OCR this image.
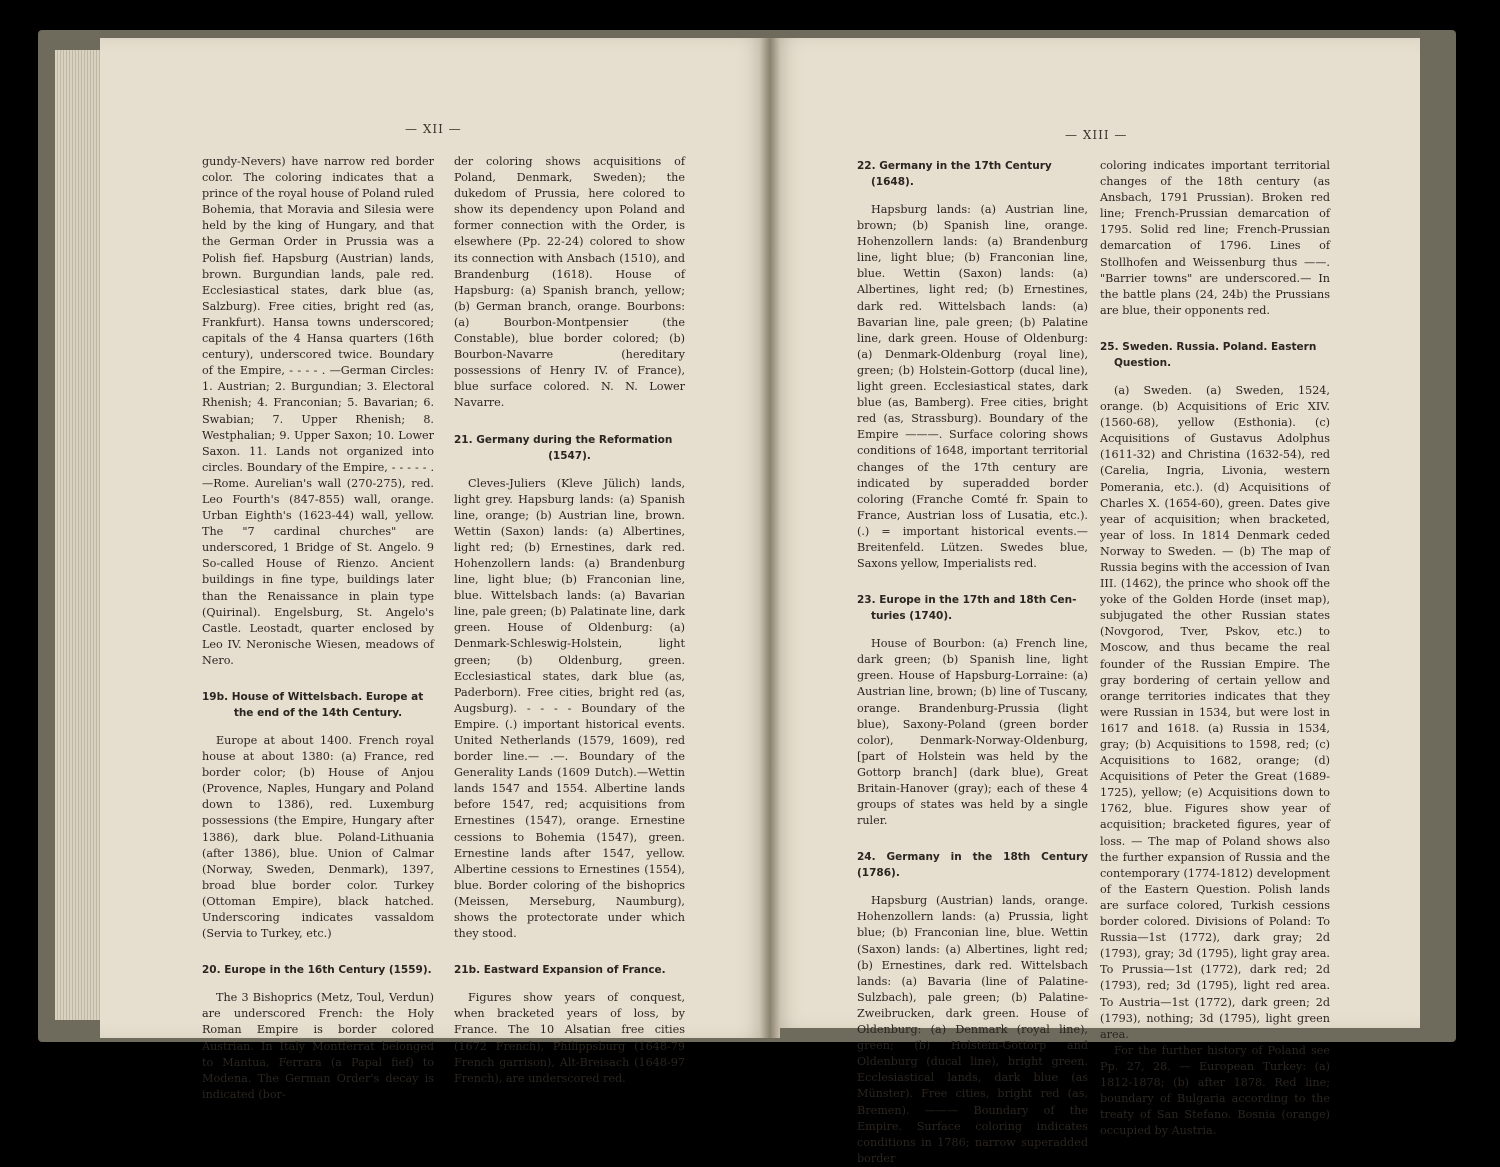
— XII —	— XIII —

gundy-Nevers) have narrow red border color. The coloring indicates that a prince of the royal house of Poland ruled Bohemia, that Moravia and Silesia were held by the king of Hungary, and that the German Order in Prussia was a Polish fief. Hapsburg (Austrian) lands, brown. Burgundian lands, pale red. Ecclesiastical states, dark blue (as, Salzburg). Free cities, bright red (as, Frankfurt). Hansa towns underscored; capitals of the 4 Hansa quarters (16th century), underscored twice. Boundary of the Empire, - - - - . —German Circles: 1. Austrian; 2. Burgundian; 3. Electoral Rhenish; 4. Franconian; 5. Bavarian; 6. Swabian; 7. Upper Rhenish; 8. Westphalian; 9. Upper Saxon; 10. Lower Saxon. 11. Lands not organized into circles. Boundary of the Empire, - - - - - . —Rome. Aurelian's wall (270-275), red. Leo Fourth's (847-855) wall, orange. Urban Eighth's (1623-44) wall, yellow. The "7 cardinal churches" are underscored, 1 Bridge of St. Angelo. 9 So-called House of Rienzo. Ancient buildings in fine type, buildings later than the Renaissance in plain type (Quirinal). Engelsburg, St. Angelo's Castle. Leostadt, quarter enclosed by Leo IV. Neronische Wiesen, meadows of Nero.

19b. House of Wittelsbach. Europe at
the end of the 14th Century.

Europe at about 1400. French royal house at about 1380: (a) France, red border color; (b) House of Anjou (Provence, Naples, Hungary and Poland down to 1386), red. Luxemburg possessions (the Empire, Hungary after 1386), dark blue. Poland-Lithuania (after 1386), blue. Union of Calmar (Norway, Sweden, Denmark), 1397, broad blue border color. Turkey (Ottoman Empire), black hatched. Underscoring indicates vassaldom (Servia to Turkey, etc.)

20. Europe in the 16th Century (1559).

The 3 Bishoprics (Metz, Toul, Verdun) are underscored French: the Holy Roman Empire is border colored Austrian. In Italy Montferrat belonged to Mantua, Ferrara (a Papal fief) to Modena. The German Order's decay is indicated (bor-

der coloring shows acquisitions of Poland, Denmark, Sweden); the dukedom of Prussia, here colored to show its dependency upon Poland and former connection with the Order, is elsewhere (Pp. 22-24) colored to show its connection with Ansbach (1510), and Brandenburg (1618). House of Hapsburg: (a) Spanish branch, yellow; (b) German branch, orange. Bourbons: (a) Bourbon-Montpensier (the Constable), blue border colored; (b) Bourbon-Navarre (hereditary possessions of Henry IV. of France), blue surface colored. N. N. Lower Navarre.

21. Germany during the Reformation
(1547).

Cleves-Juliers (Kleve Jülich) lands, light grey. Hapsburg lands: (a) Spanish line, orange; (b) Austrian line, brown. Wettin (Saxon) lands: (a) Albertines, light red; (b) Ernestines, dark red. Hohenzollern lands: (a) Brandenburg line, light blue; (b) Franconian line, blue. Wittelsbach lands: (a) Bavarian line, pale green; (b) Palatinate line, dark green. House of Oldenburg: (a) Denmark-Schleswig-Holstein, light green; (b) Oldenburg, green. Ecclesiastical states, dark blue (as, Paderborn). Free cities, bright red (as, Augsburg). - - - - Boundary of the Empire. (.) important historical events. United Netherlands (1579, 1609), red border line.— .—. Boundary of the Generality Lands (1609 Dutch).—Wettin lands 1547 and 1554. Albertine lands before 1547, red; acquisitions from Ernestines (1547), orange. Ernestine cessions to Bohemia (1547), green. Ernestine lands after 1547, yellow. Albertine cessions to Ernestines (1554), blue. Border coloring of the bishoprics (Meissen, Merseburg, Naumburg), shows the protectorate under which they stood.

21b. Eastward Expansion of France.

Figures show years of conquest, when bracketed years of loss, by France. The 10 Alsatian free cities (1672 French), Philippsburg (1648-79 French garrison), Alt-Breisach (1648-97 French), are underscored red.

22. Germany in the 17th Century
(1648).

Hapsburg lands: (a) Austrian line, brown; (b) Spanish line, orange. Hohenzollern lands: (a) Brandenburg line, light blue; (b) Franconian line, blue. Wettin (Saxon) lands: (a) Albertines, light red; (b) Ernestines, dark red. Wittelsbach lands: (a) Bavarian line, pale green; (b) Palatine line, dark green. House of Oldenburg: (a) Denmark-Oldenburg (royal line), green; (b) Holstein-Gottorp (ducal line), light green. Ecclesiastical states, dark blue (as, Bamberg). Free cities, bright red (as, Strassburg). Boundary of the Empire ———. Surface coloring shows conditions of 1648, important territorial changes of the 17th century are indicated by superadded border coloring (Franche Comté fr. Spain to France, Austrian loss of Lusatia, etc.). (.) = important historical events.—Breitenfeld. Lützen. Swedes blue, Saxons yellow, Imperialists red.

23. Europe in the 17th and 18th Cen-
turies (1740).

House of Bourbon: (a) French line, dark green; (b) Spanish line, light green. House of Hapsburg-Lorraine: (a) Austrian line, brown; (b) line of Tuscany, orange. Brandenburg-Prussia (light blue), Saxony-Poland (green border color), Denmark-Norway-Oldenburg, [part of Holstein was held by the Gottorp branch] (dark blue), Great Britain-Hanover (gray); each of these 4 groups of states was held by a single ruler.

24. Germany in the 18th Century (1786).

Hapsburg (Austrian) lands, orange. Hohenzollern lands: (a) Prussia, light blue; (b) Franconian line, blue. Wettin (Saxon) lands: (a) Albertines, light red; (b) Ernestines, dark red. Wittelsbach lands: (a) Bavaria (line of Palatine-Sulzbach), pale green; (b) Palatine-Zweibrucken, dark green. House of Oldenburg: (a) Denmark (royal line), green; (b) Holstein-Gottorp and Oldenburg (ducal line), bright green. Ecclesiastical lands, dark blue (as Münster). Free cities, bright red (as, Bremen). ——— Boundary of the Empire. Surface coloring indicates conditions in 1786; narrow superadded border

coloring indicates important territorial changes of the 18th century (as Ansbach, 1791 Prussian). Broken red line; French-Prussian demarcation of 1795. Solid red line; French-Prussian demarcation of 1796. Lines of Stollhofen and Weissenburg thus ——. "Barrier towns" are underscored.— In the battle plans (24, 24b) the Prussians are blue, their opponents red.

25. Sweden. Russia. Poland. Eastern
Question.

(a) Sweden. (a) Sweden, 1524, orange. (b) Acquisitions of Eric XIV. (1560-68), yellow (Esthonia). (c) Acquisitions of Gustavus Adolphus (1611-32) and Christina (1632-54), red (Carelia, Ingria, Livonia, western Pomerania, etc.). (d) Acquisitions of Charles X. (1654-60), green. Dates give year of acquisition; when bracketed, year of loss. In 1814 Denmark ceded Norway to Sweden. — (b) The map of Russia begins with the accession of Ivan III. (1462), the prince who shook off the yoke of the Golden Horde (inset map), subjugated the other Russian states (Novgorod, Tver, Pskov, etc.) to Moscow, and thus became the real founder of the Russian Empire. The gray bordering of certain yellow and orange territories indicates that they were Russian in 1534, but were lost in 1617 and 1618. (a) Russia in 1534, gray; (b) Acquisitions to 1598, red; (c) Acquisitions to 1682, orange; (d) Acquisitions of Peter the Great (1689-1725), yellow; (e) Acquisitions down to 1762, blue. Figures show year of acquisition; bracketed figures, year of loss. — The map of Poland shows also the further expansion of Russia and the contemporary (1774-1812) development of the Eastern Question. Polish lands are surface colored, Turkish cessions border colored. Divisions of Poland: To Russia—1st (1772), dark gray; 2d (1793), gray; 3d (1795), light gray area. To Prussia—1st (1772), dark red; 2d (1793), red; 3d (1795), light red area. To Austria—1st (1772), dark green; 2d (1793), nothing; 3d (1795), light green area.

For the further history of Poland see Pp. 27, 28. — European Turkey: (a) 1812-1878; (b) after 1878. Red line; boundary of Bulgaria according to the treaty of San Stefano. Bosnia (orange) occupied by Austria.
